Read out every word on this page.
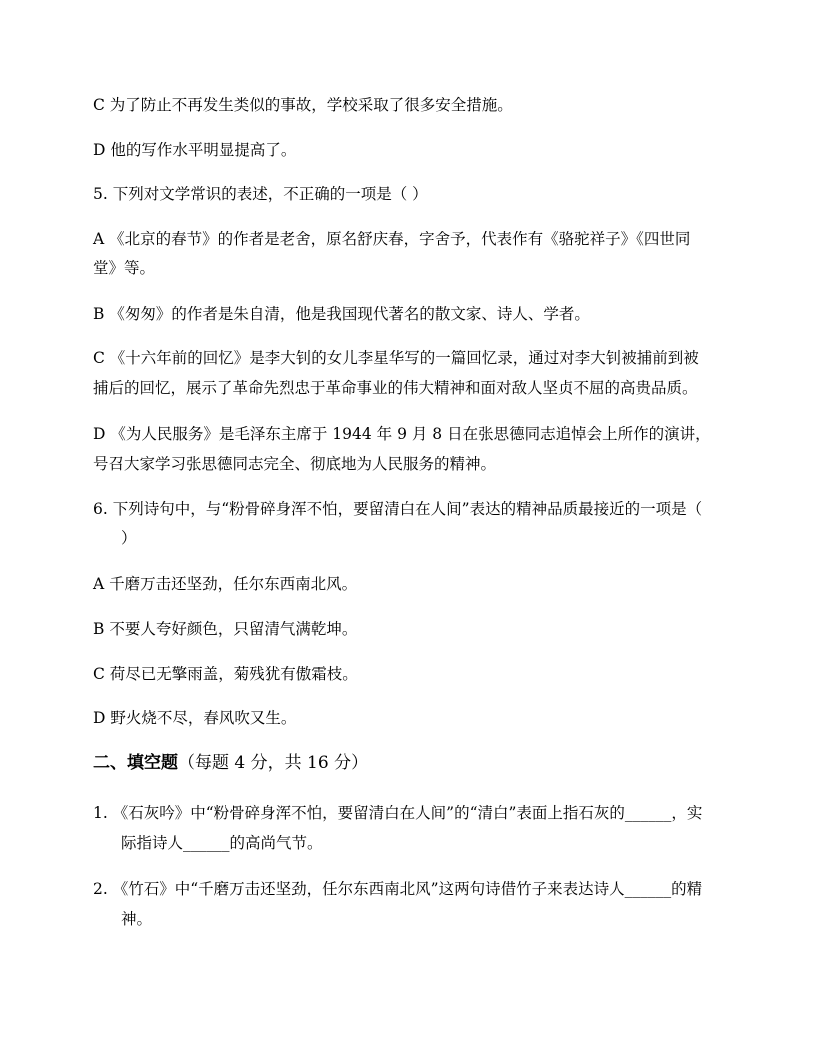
C 为了防止不再发生类似的事故，学校采取了很多安全措施。
D 他的写作水平明显提高了。
5. 下列对文学常识的表述，不正确的一项是（ ）
A 《北京的春节》的作者是老舍，原名舒庆春，字舍予，代表作有《骆驼祥子》《四世同
堂》等。
B 《匆匆》的作者是朱自清，他是我国现代著名的散文家、诗人、学者。
C 《十六年前的回忆》是李大钊的女儿李星华写的一篇回忆录，通过对李大钊被捕前到被
捕后的回忆，展示了革命先烈忠于革命事业的伟大精神和面对敌人坚贞不屈的高贵品质。
D 《为人民服务》是毛泽东主席于 1944 年 9 月 8 日在张思德同志追悼会上所作的演讲，
号召大家学习张思德同志完全、彻底地为人民服务的精神。
6. 下列诗句中，与“粉骨碎身浑不怕，要留清白在人间”表达的精神品质最接近的一项是（
）
A 千磨万击还坚劲，任尔东西南北风。
B 不要人夸好颜色，只留清气满乾坤。
C 荷尽已无擎雨盖，菊残犹有傲霜枝。
D 野火烧不尽，春风吹又生。
二、填空题（每题 4 分，共 16 分）
1. 《石灰吟》中“粉骨碎身浑不怕，要留清白在人间”的“清白”表面上指石灰的______，实
际指诗人______的高尚气节。
2. 《竹石》中“千磨万击还坚劲，任尔东西南北风”这两句诗借竹子来表达诗人______的精
神。
